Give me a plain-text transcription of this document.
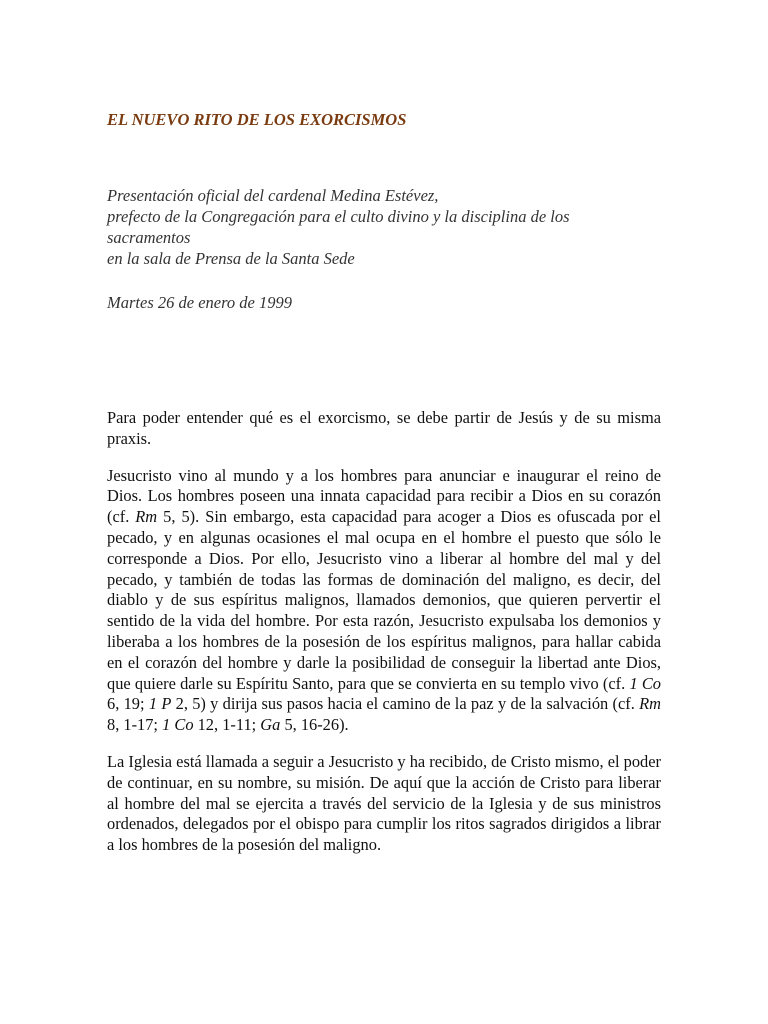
EL NUEVO RITO DE LOS EXORCISMOS
Presentación oficial del cardenal Medina Estévez,
prefecto de la Congregación para el culto divino y la disciplina de los
sacramentos
en la sala de Prensa de la Santa Sede
Martes 26 de enero de 1999

Para poder entender qué es el exorcismo, se debe partir de Jesús y de su misma praxis.

Jesucristo vino al mundo y a los hombres para anunciar e inaugurar el reino de Dios. Los hombres poseen una innata capacidad para recibir a Dios en su corazón (cf. Rm 5, 5). Sin embargo, esta capacidad para acoger a Dios es ofuscada por el pecado, y en algunas ocasiones el mal ocupa en el hombre el puesto que sólo le corresponde a Dios. Por ello, Jesucristo vino a liberar al hombre del mal y del pecado, y también de todas las formas de dominación del maligno, es decir, del diablo y de sus espíritus malignos, llamados demonios, que quieren pervertir el sentido de la vida del hombre. Por esta razón, Jesucristo expulsaba los demonios y liberaba a los hombres de la posesión de los espíritus malignos, para hallar cabida en el corazón del hombre y darle la posibilidad de conseguir la libertad ante Dios, que quiere darle su Espíritu Santo, para que se convierta en su templo vivo (cf. 1 Co 6, 19; 1 P 2, 5) y dirija sus pasos hacia el camino de la paz y de la salvación (cf. Rm 8, 1-17; 1 Co 12, 1-11; Ga 5, 16-26).

La Iglesia está llamada a seguir a Jesucristo y ha recibido, de Cristo mismo, el poder de continuar, en su nombre, su misión. De aquí que la acción de Cristo para liberar al hombre del mal se ejercita a través del servicio de la Iglesia y de sus ministros ordenados, delegados por el obispo para cumplir los ritos sagrados dirigidos a librar a los hombres de la posesión del maligno.
